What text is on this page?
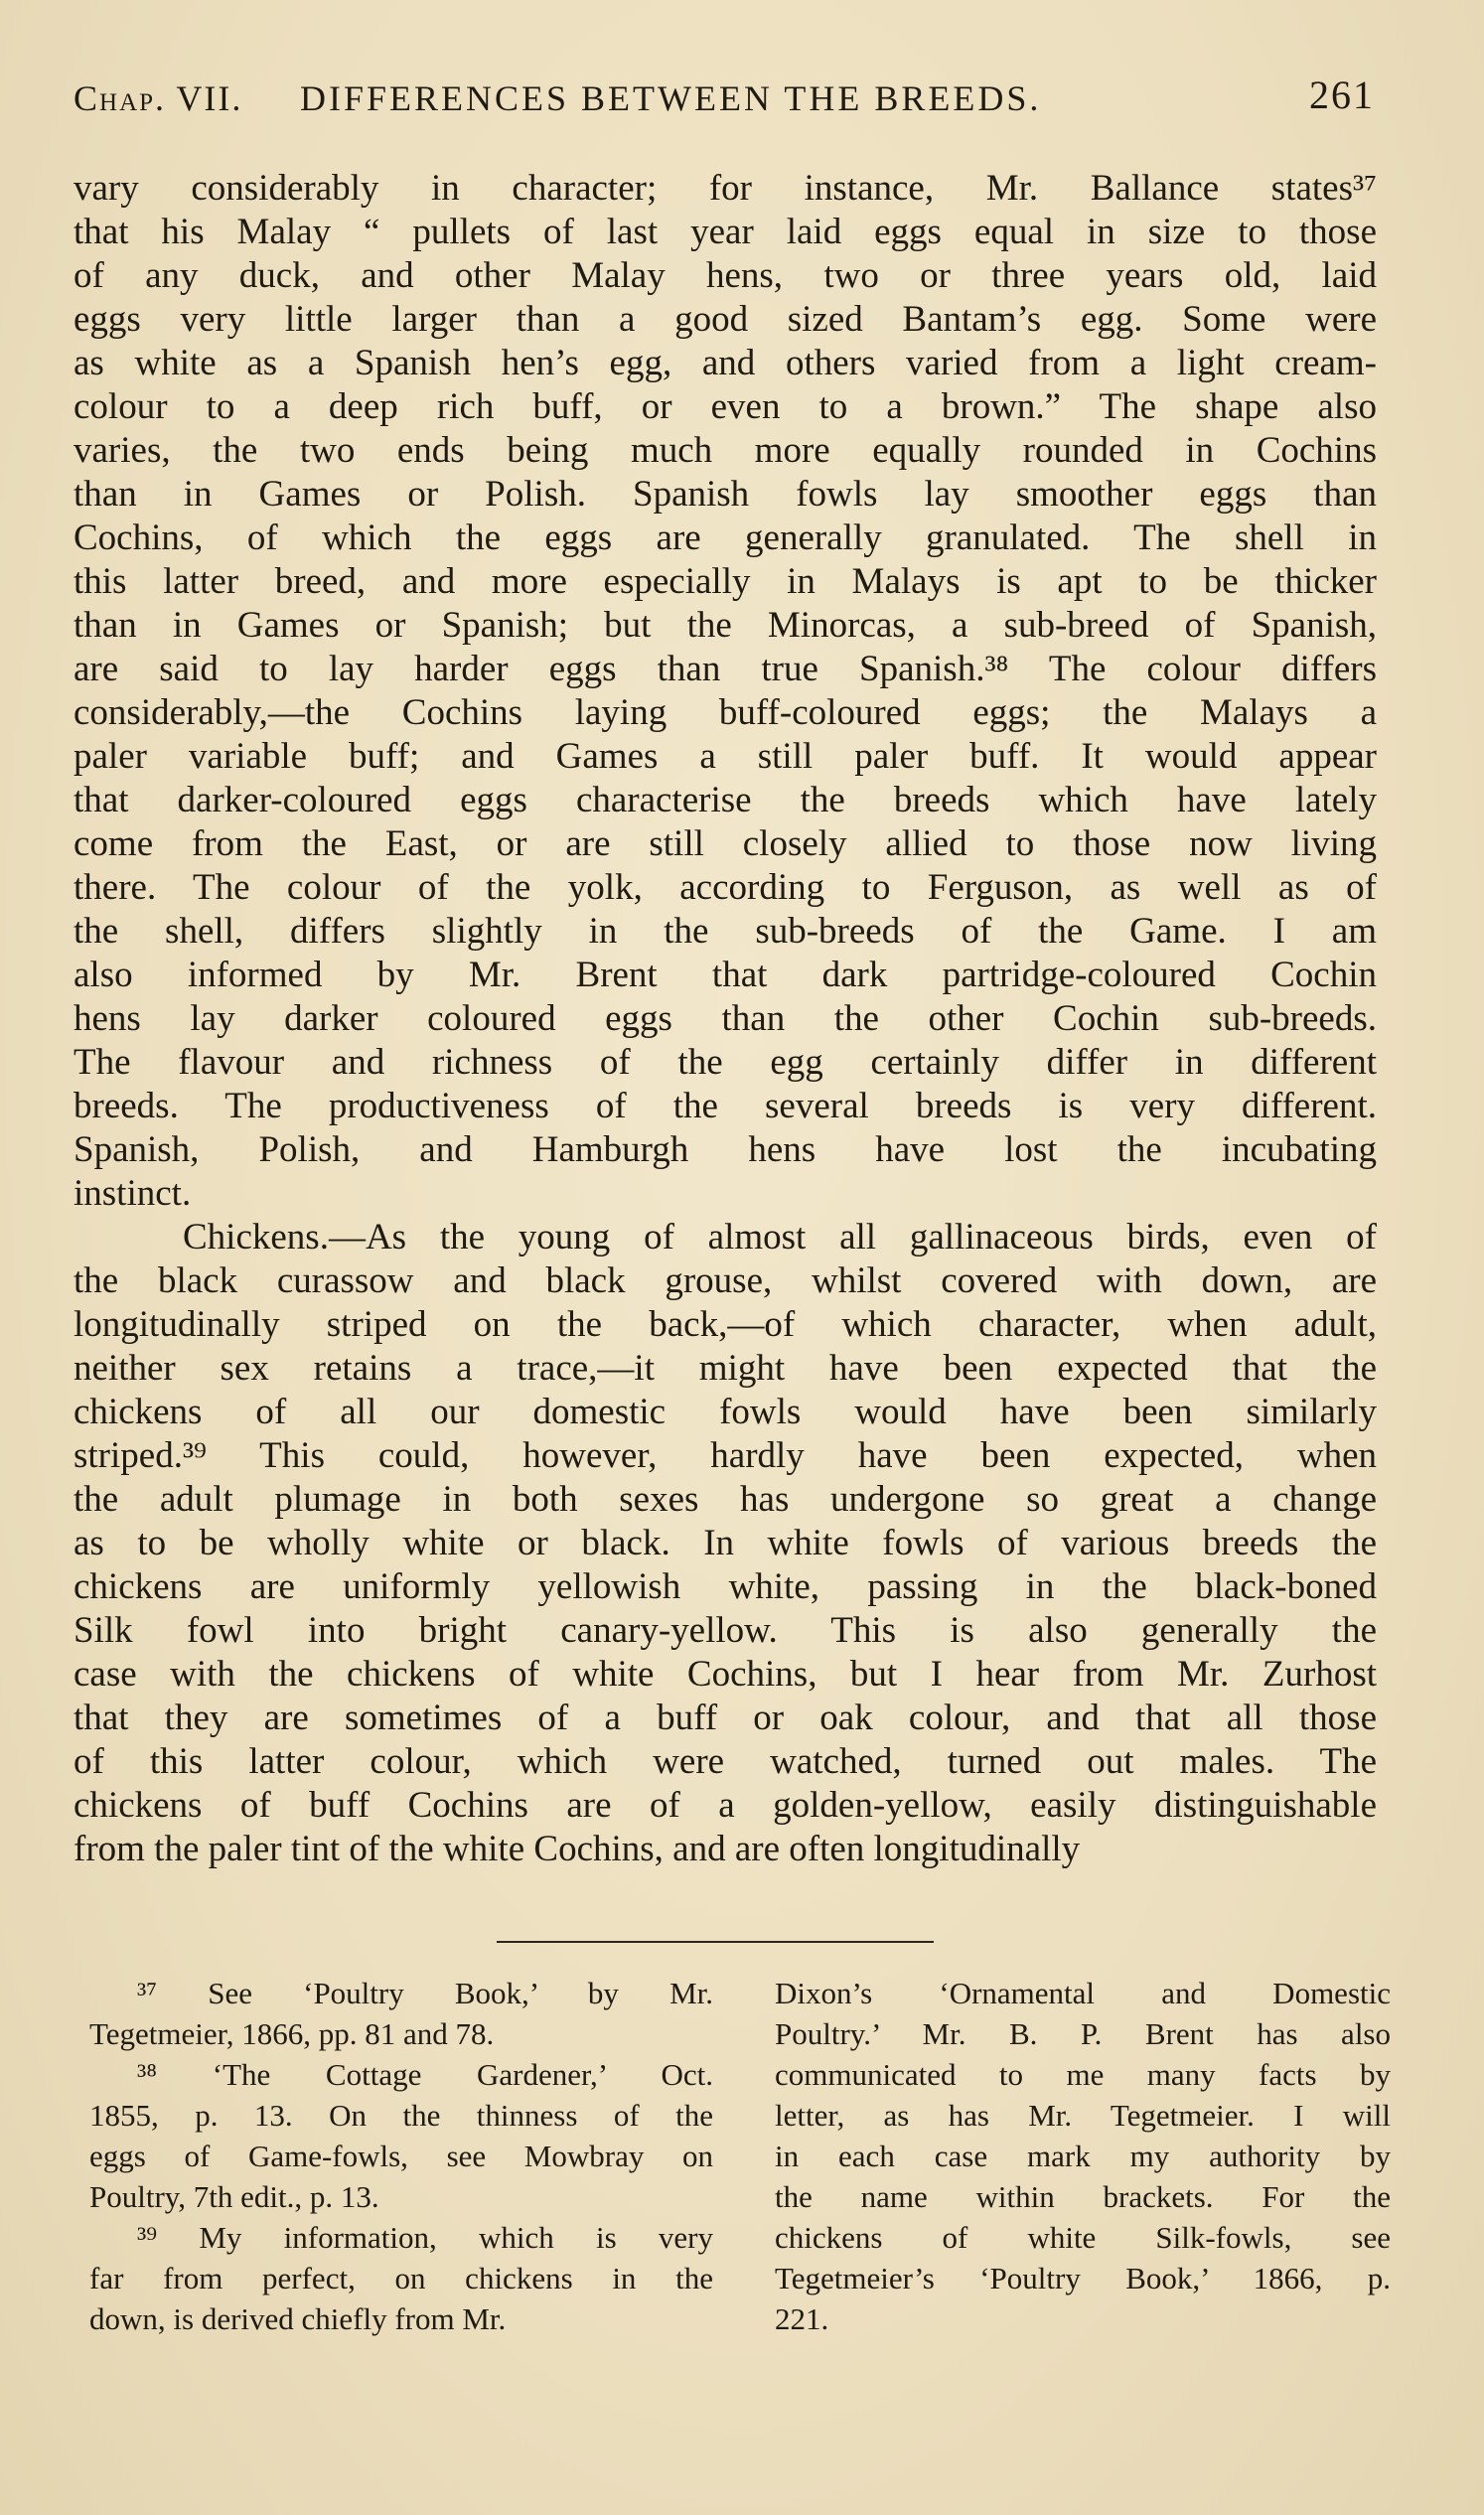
Chap. VII. DIFFERENCES BETWEEN THE BREEDS.	261
vary considerably in character; for instance, Mr. Ballance states³⁷
that his Malay “ pullets of last year laid eggs equal in size to those
of any duck, and other Malay hens, two or three years old, laid
eggs very little larger than a good sized Bantam’s egg. Some were
as white as a Spanish hen’s egg, and others varied from a light cream-
colour to a deep rich buff, or even to a brown.” The shape also
varies, the two ends being much more equally rounded in Cochins
than in Games or Polish. Spanish fowls lay smoother eggs than
Cochins, of which the eggs are generally granulated. The shell in
this latter breed, and more especially in Malays is apt to be thicker
than in Games or Spanish; but the Minorcas, a sub-breed of Spanish,
are said to lay harder eggs than true Spanish.³⁸ The colour differs
considerably,—the Cochins laying buff-coloured eggs; the Malays a
paler variable buff; and Games a still paler buff. It would appear
that darker-coloured eggs characterise the breeds which have lately
come from the East, or are still closely allied to those now living
there. The colour of the yolk, according to Ferguson, as well as of
the shell, differs slightly in the sub-breeds of the Game. I am
also informed by Mr. Brent that dark partridge-coloured Cochin
hens lay darker coloured eggs than the other Cochin sub-breeds.
The flavour and richness of the egg certainly differ in different
breeds. The productiveness of the several breeds is very different.
Spanish, Polish, and Hamburgh hens have lost the incubating
instinct.
Chickens.—As the young of almost all gallinaceous birds, even of
the black curassow and black grouse, whilst covered with down, are
longitudinally striped on the back,—of which character, when adult,
neither sex retains a trace,—it might have been expected that the
chickens of all our domestic fowls would have been similarly
striped.³⁹ This could, however, hardly have been expected, when
the adult plumage in both sexes has undergone so great a change
as to be wholly white or black. In white fowls of various breeds the
chickens are uniformly yellowish white, passing in the black-boned
Silk fowl into bright canary-yellow. This is also generally the
case with the chickens of white Cochins, but I hear from Mr. Zurhost
that they are sometimes of a buff or oak colour, and that all those
of this latter colour, which were watched, turned out males. The
chickens of buff Cochins are of a golden-yellow, easily distinguishable
from the paler tint of the white Cochins, and are often longitudinally
³⁷ See ‘Poultry Book,’ by Mr.
Tegetmeier, 1866, pp. 81 and 78.
³⁸ ‘The Cottage Gardener,’ Oct.
1855, p. 13. On the thinness of the
eggs of Game-fowls, see Mowbray on
Poultry, 7th edit., p. 13.
³⁹ My information, which is very
far from perfect, on chickens in the
down, is derived chiefly from Mr.
Dixon’s ‘Ornamental and Domestic
Poultry.’ Mr. B. P. Brent has also
communicated to me many facts by
letter, as has Mr. Tegetmeier. I will
in each case mark my authority by
the name within brackets. For the
chickens of white Silk-fowls, see
Tegetmeier’s ‘Poultry Book,’ 1866, p.
221.
